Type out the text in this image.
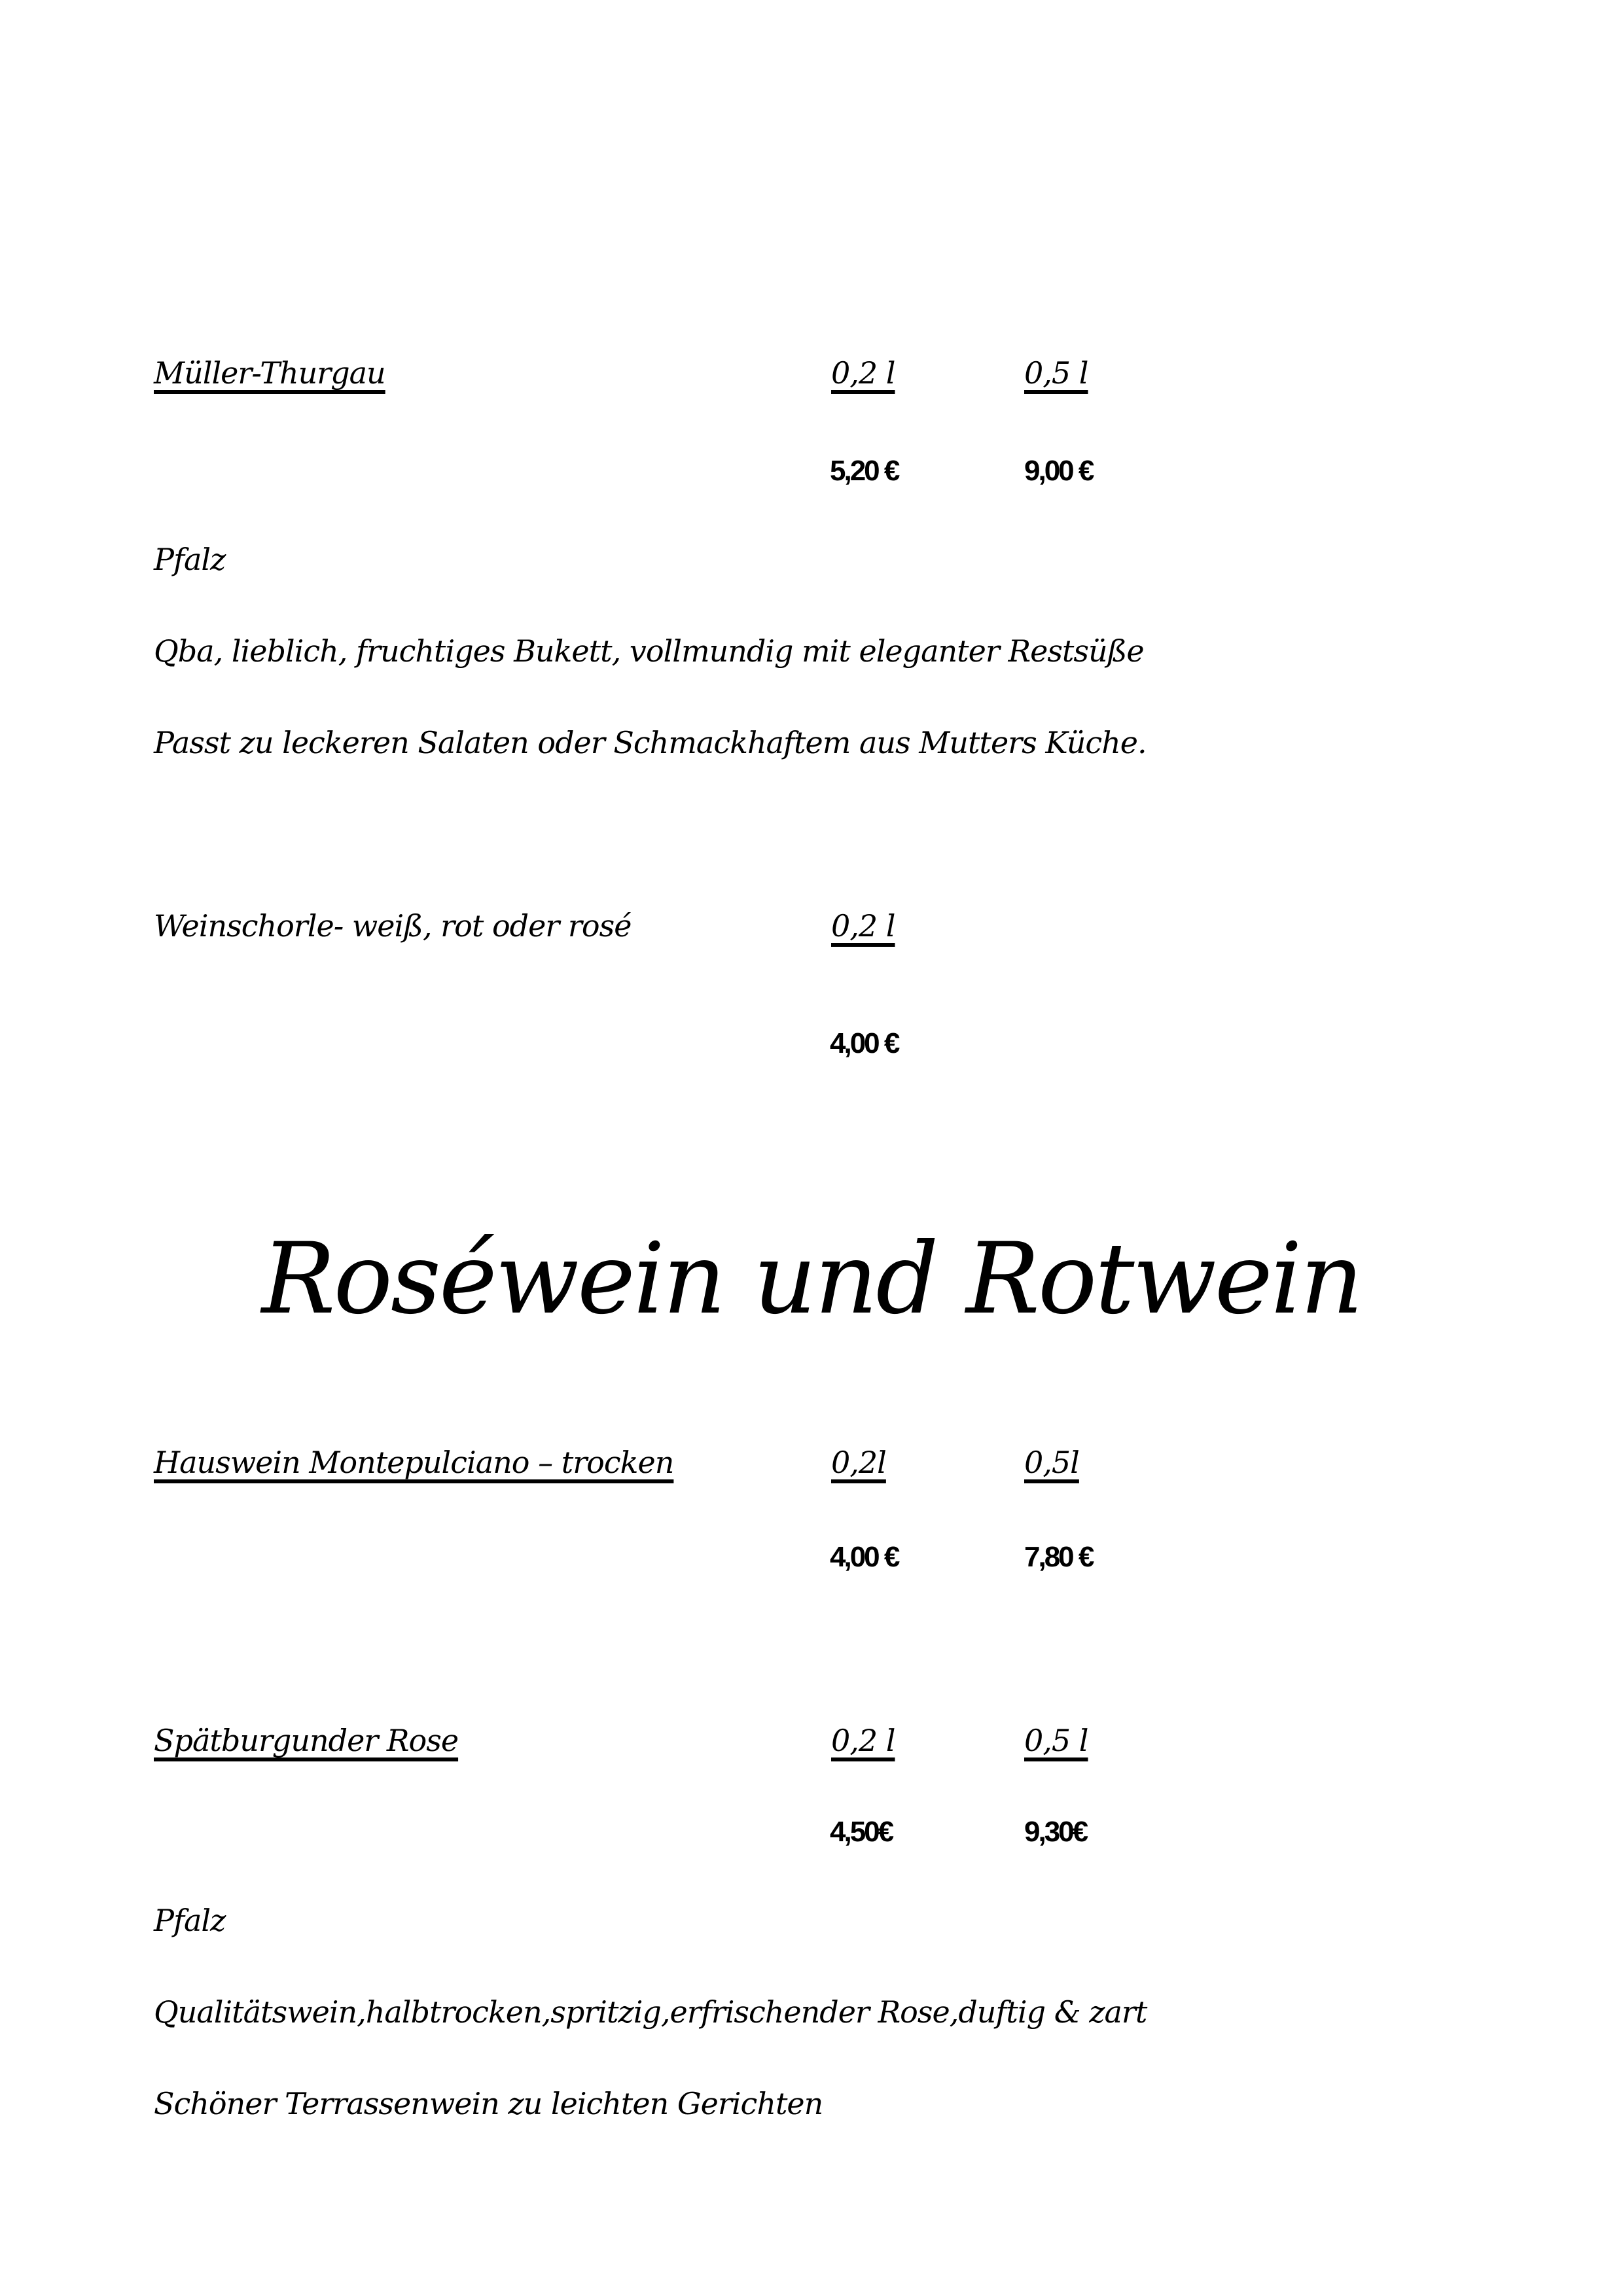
Müller-Thurgau	0,2 l	0,5 l
5,20 €	9,00 €
Pfalz
Qba, lieblich, fruchtiges Bukett, vollmundig mit eleganter Restsüße
Passt zu leckeren Salaten oder Schmackhaftem aus Mutters Küche.
Weinschorle- weiß, rot oder rosé	0,2 l
4,00 €
Roséwein und Rotwein
Hauswein Montepulciano – trocken	0,2l	0,5l
4,00 €	7,80 €
Spätburgunder Rose	0,2 l	0,5 l
4,50€	9,30€
Pfalz
Qualitätswein,halbtrocken,spritzig,erfrischender Rose,duftig & zart
Schöner Terrassenwein zu leichten Gerichten
